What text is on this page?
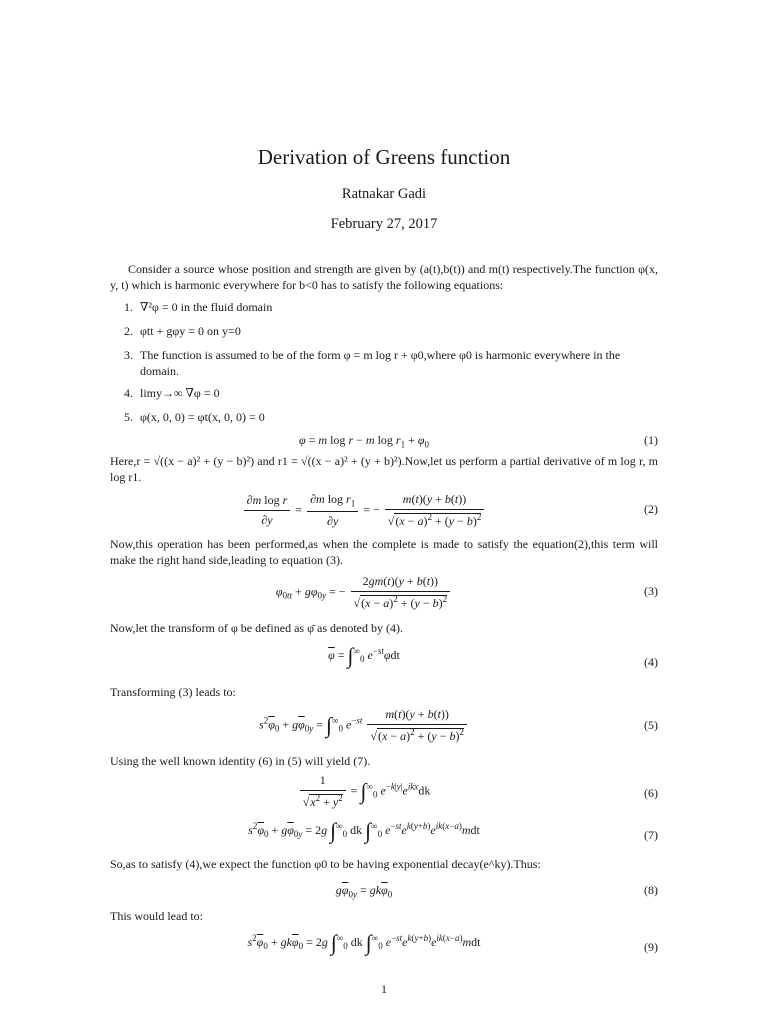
Derivation of Greens function
Ratnakar Gadi
February 27, 2017
Consider a source whose position and strength are given by (a(t),b(t)) and m(t) respectively.The function φ(x, y, t) which is harmonic everywhere for b<0 has to satisfy the following equations:
1. ∇²φ = 0 in the fluid domain
2. φtt + gφy = 0 on y=0
3. The function is assumed to be of the form φ = m log r + φ0,where φ0 is harmonic everywhere in the domain.
4. limy→∞ ∇φ = 0
5. φ(x, 0, 0) = φt(x, 0, 0) = 0
φ = m log r − m $\log r_1 + \varphi_0$	(1)
Here,r = √((x − a)² + (y − b)²) and r1 = √((x − a)² + (y + b)²).Now,let us perform a partial derivative of m log r, m log r1.
$\frac{\text{∂m log r}}{\partial y} = \frac{\partial m \log r_1}{\partial y}$ = − $\frac{m(t)(y + b(t))}{√(x - a)^2 + (y - b)^2}$	(2)
Now,this operation has been performed,as when the complete is made to satisfy the equation(2),this term will make the right hand side,leading to equation (3).
$\varphi_{0tt} + g\varphi_{0y}$ = − $\frac{2gm(t)(y + b(t))}{√(x - a)^2 + (y - b)^2}$	(3)
Now,let the transform of φ be defined as φ̄ as denoted by (4).
$\overline{\varphi} = \int^\infty_0$ $e^{-st}\varphi dt$
(4)
Transforming (3) leads to:
$s^2\overline{\varphi}_0 + g\overline{\varphi}_{0y} = \int^\infty_0$ $e^{-st} \frac{m(t)(y + b(t))}{√(x - a)^2 + (y - b)^2}$	(5)
Using the well known identity (6) in (5) will yield (7).
$\frac{1}{√x^2 + y^2} = \int^\infty_0$ $e^{-k|y|}e^{ikx}dk$	(6)
$s^2\overline{\varphi}_0 + g\overline{\varphi}_{0y} = 2g$ $\int^\infty_0$ dk $\int^\infty_0$ $e^{-st}e^{k(y+b)}e^{ik(x-a)}mdt$	(7)
So,as to satisfy (4),we expect the function φ0 to be having exponential decay(e^ky).Thus:
$g\overline{\varphi}_{0y} = gk\overline{\varphi}_0$	(8)
This would lead to:
$s^2\overline{\varphi}_0 + gk\overline{\varphi}_0 = 2g$ $\int^\infty_0$ dk $\int^\infty_0$ $e^{-st}e^{k(y+b)}e^{ik(x-a)}mdt$	(9)
1
